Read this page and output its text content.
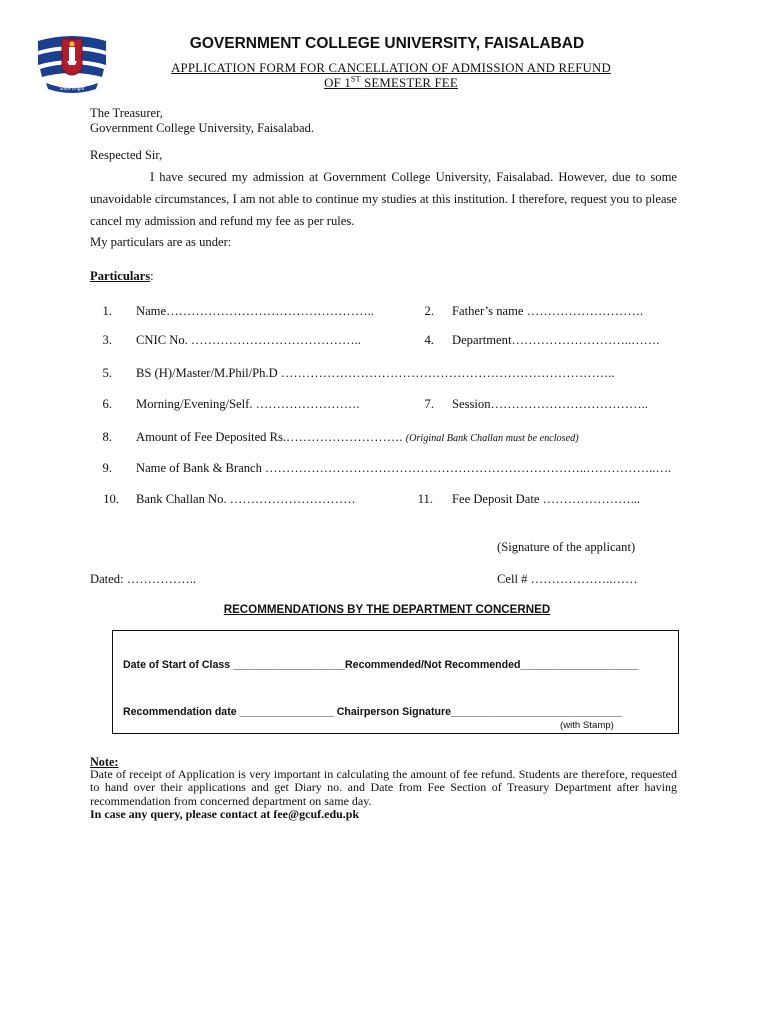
Shine bright
GOVERNMENT COLLEGE UNIVERSITY, FAISALABAD
APPLICATION FORM FOR CANCELLATION OF ADMISSION AND REFUND
OF 1ST SEMESTER FEE
The Treasurer,
Government College University, Faisalabad.
Respected Sir,
I have secured my admission at Government College University, Faisalabad. However, due to some unavoidable circumstances, I am not able to continue my studies at this institution. I therefore, request you to please cancel my admission and refund my fee as per rules.
My particulars are as under:
Particulars:
1. Name…………………………………………..	2. Father’s name ……………………….
3. CNIC No. …………………………………..	4. Department………………………..…….
5. BS (H)/Master/M.Phil/Ph.D ……………………………………………………………………..
6. Morning/Evening/Self. …………………….	7. Session………………………………..
8. Amount of Fee Deposited Rs.………………………. (Original Bank Challan must be enclosed)
9. Name of Bank & Branch …………………………………………………………………..……………..….
10. Bank Challan No. …………………………	11. Fee Deposit Date …………………...
(Signature of the applicant)
Dated: ……………..	Cell # ………………..……
RECOMMENDATIONS BY THE DEPARTMENT CONCERNED
Date of Start of Class ___________________Recommended/Not Recommended____________________
Recommendation date ________________ Chairperson Signature_____________________________
(with Stamp)
Note:
Date of receipt of Application is very important in calculating the amount of fee refund. Students are therefore, requested to hand over their applications and get Diary no. and Date from Fee Section of Treasury Department after having recommendation from concerned department on same day.
In case any query, please contact at fee@gcuf.edu.pk
